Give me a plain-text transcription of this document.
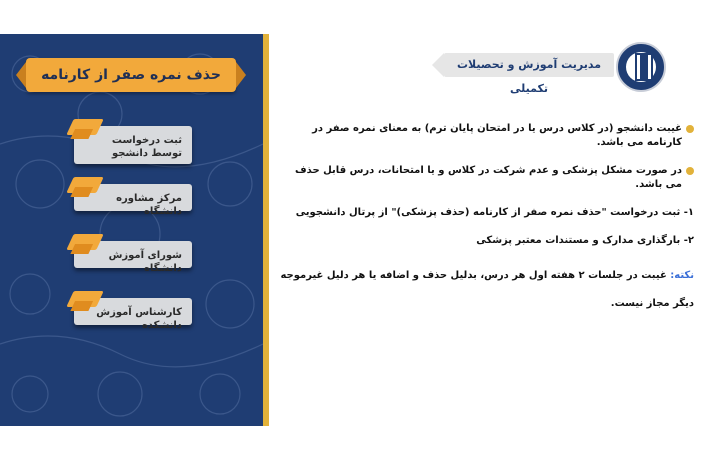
حذف نمره صفر از کارنامه
ثبت درخواست توسط دانشجو
مرکز مشاوره دانشگاه
شورای آموزش دانشگاه
کارشناس آموزش دانشکده
مدیریت آموزش و تحصیلات تکمیلی
غیبت دانشجو (در کلاس درس یا در امتحان پایان ترم) به معنای نمره صفر در کارنامه می باشد.
در صورت مشکل پزشکی و عدم شرکت در کلاس و یا امتحانات، درس قابل حذف می باشد.
۱- ثبت درخواست "حذف نمره صفر از کارنامه (حذف پزشکی)" از پرتال دانشجویی
۲- بارگذاری مدارک و مستندات معتبر پزشکی
نکته: غیبت در جلسات ۲ هفته اول هر درس، بدلیل حذف و اضافه یا هر دلیل غیرموجه دیگر مجاز نیست.
